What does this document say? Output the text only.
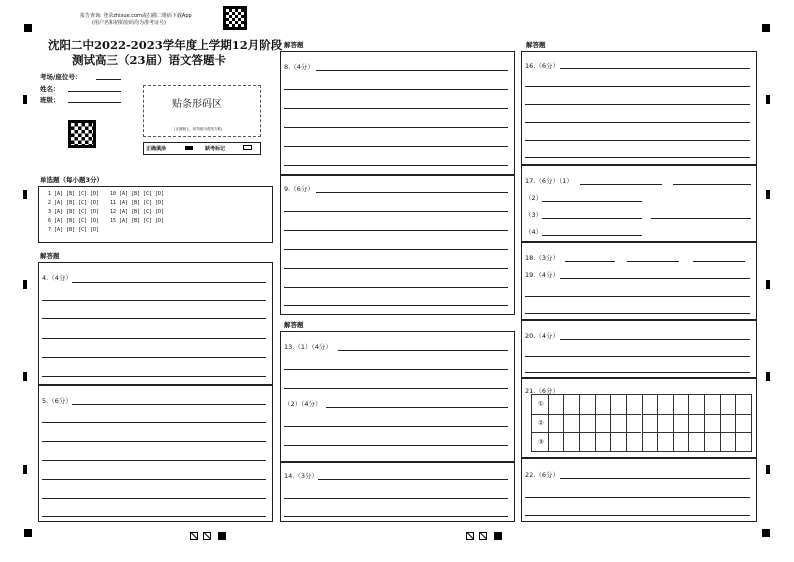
报告查询: 登录zhixue.com或扫描二维码下载App
(用户名和初始密码均为准考证号)
沈阳二中2022-2023学年度上学期12月阶段
测试高三（23届）语文答题卡
考场/座位号：
姓名：
班级：	贴条形码区
(正面朝上，切勿贴出虚线方框)
正确填涂	缺考标记
单选题（每小题3分）
1 [A] [B] [C] [D]
2 [A] [B] [C] [D]
3 [A] [B] [C] [D]
6 [A] [B] [C] [D]
7 [A] [B] [C] [D]
10 [A] [B] [C] [D]
11 [A] [B] [C] [D]
12 [A] [B] [C] [D]
15 [A] [B] [C] [D]
解答题
4.（4分）
5.（6分）
解答题
8.（4分）
9.（6分）
解答题
13.（1）（4分）
（2）（4分）
14.（3分）
解答题
16.（6分）
17.（6分）（1）
（2）
（3）
（4）
18.（3分）
19.（4分）
20.（4分）
21.（6分）
①
②
③
22.（6分）
